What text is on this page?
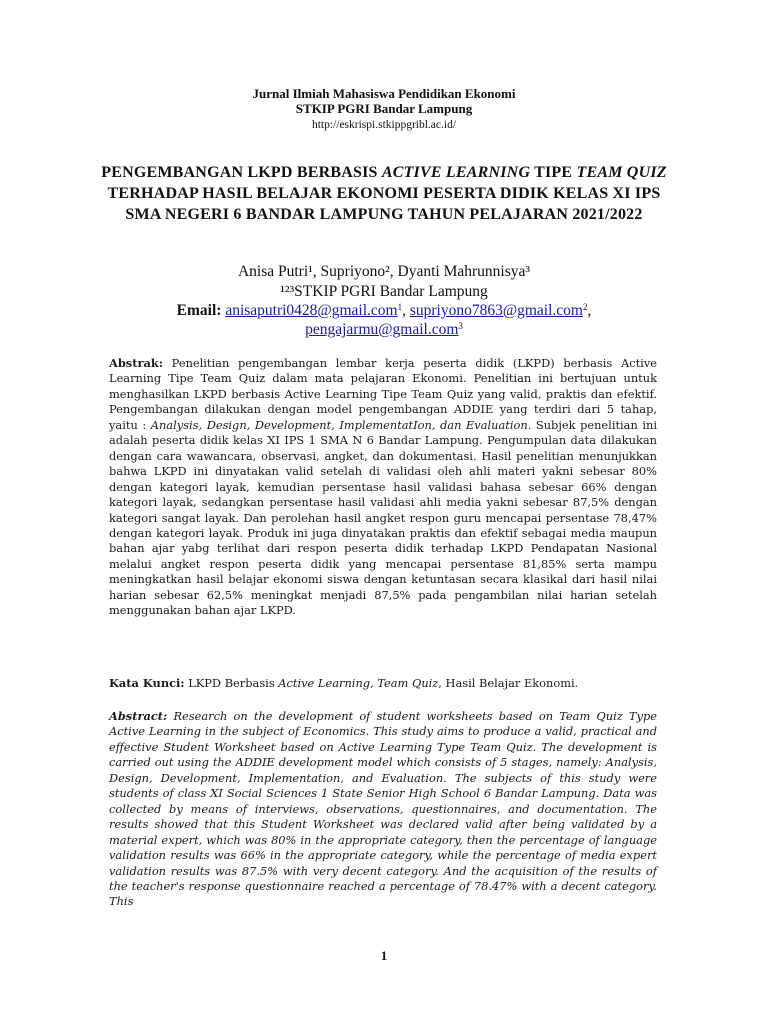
Jurnal Ilmiah Mahasiswa Pendidikan Ekonomi
STKIP PGRI Bandar Lampung
http://eskrispi.stkippgribl.ac.id/
PENGEMBANGAN LKPD BERBASIS ACTIVE LEARNING TIPE TEAM QUIZ TERHADAP HASIL BELAJAR EKONOMI PESERTA DIDIK KELAS XI IPS SMA NEGERI 6 BANDAR LAMPUNG TAHUN PELAJARAN 2021/2022
Anisa Putri¹, Supriyono², Dyanti Mahrunnisya³
¹²³STKIP PGRI Bandar Lampung
Email: anisaputri0428@gmail.com$^1$, supriyono7863@gmail.com$^2$,
pengajarmu@gmail.com$^3$
Abstrak: Penelitian pengembangan lembar kerja peserta didik (LKPD) berbasis Active Learning Tipe Team Quiz dalam mata pelajaran Ekonomi. Penelitian ini bertujuan untuk menghasilkan LKPD berbasis Active Learning Tipe Team Quiz yang valid, praktis dan efektif. Pengembangan dilakukan dengan model pengembangan ADDIE yang terdiri dari 5 tahap, yaitu : Analysis, Design, Development, ImplementatIon, dan Evaluation. Subjek penelitian ini adalah peserta didik kelas XI IPS 1 SMA N 6 Bandar Lampung. Pengumpulan data dilakukan dengan cara wawancara, observasi, angket, dan dokumentasi. Hasil penelitian menunjukkan bahwa LKPD ini dinyatakan valid setelah di validasi oleh ahli materi yakni sebesar 80% dengan kategori layak, kemudian persentase hasil validasi bahasa sebesar 66% dengan kategori layak, sedangkan persentase hasil validasi ahli media yakni sebesar 87,5% dengan kategori sangat layak. Dan perolehan hasil angket respon guru mencapai persentase 78,47% dengan kategori layak. Produk ini juga dinyatakan praktis dan efektif sebagai media maupun bahan ajar yabg terlihat dari respon peserta didik terhadap LKPD Pendapatan Nasional melalui angket respon peserta didik yang mencapai persentase 81,85% serta mampu meningkatkan hasil belajar ekonomi siswa dengan ketuntasan secara klasikal dari hasil nilai harian sebesar 62,5% meningkat menjadi 87,5% pada pengambilan nilai harian setelah menggunakan bahan ajar LKPD.
Kata Kunci: LKPD Berbasis Active Learning, Team Quiz, Hasil Belajar Ekonomi.
Abstract: Research on the development of student worksheets based on Team Quiz Type Active Learning in the subject of Economics. This study aims to produce a valid, practical and effective Student Worksheet based on Active Learning Type Team Quiz. The development is carried out using the ADDIE development model which consists of 5 stages, namely: Analysis, Design, Development, Implementation, and Evaluation. The subjects of this study were students of class XI Social Sciences 1 State Senior High School 6 Bandar Lampung. Data was collected by means of interviews, observations, questionnaires, and documentation. The results showed that this Student Worksheet was declared valid after being validated by a material expert, which was 80% in the appropriate category, then the percentage of language validation results was 66% in the appropriate category, while the percentage of media expert validation results was 87.5% with very decent category. And the acquisition of the results of the teacher's response questionnaire reached a percentage of 78.47% with a decent category. This
1
